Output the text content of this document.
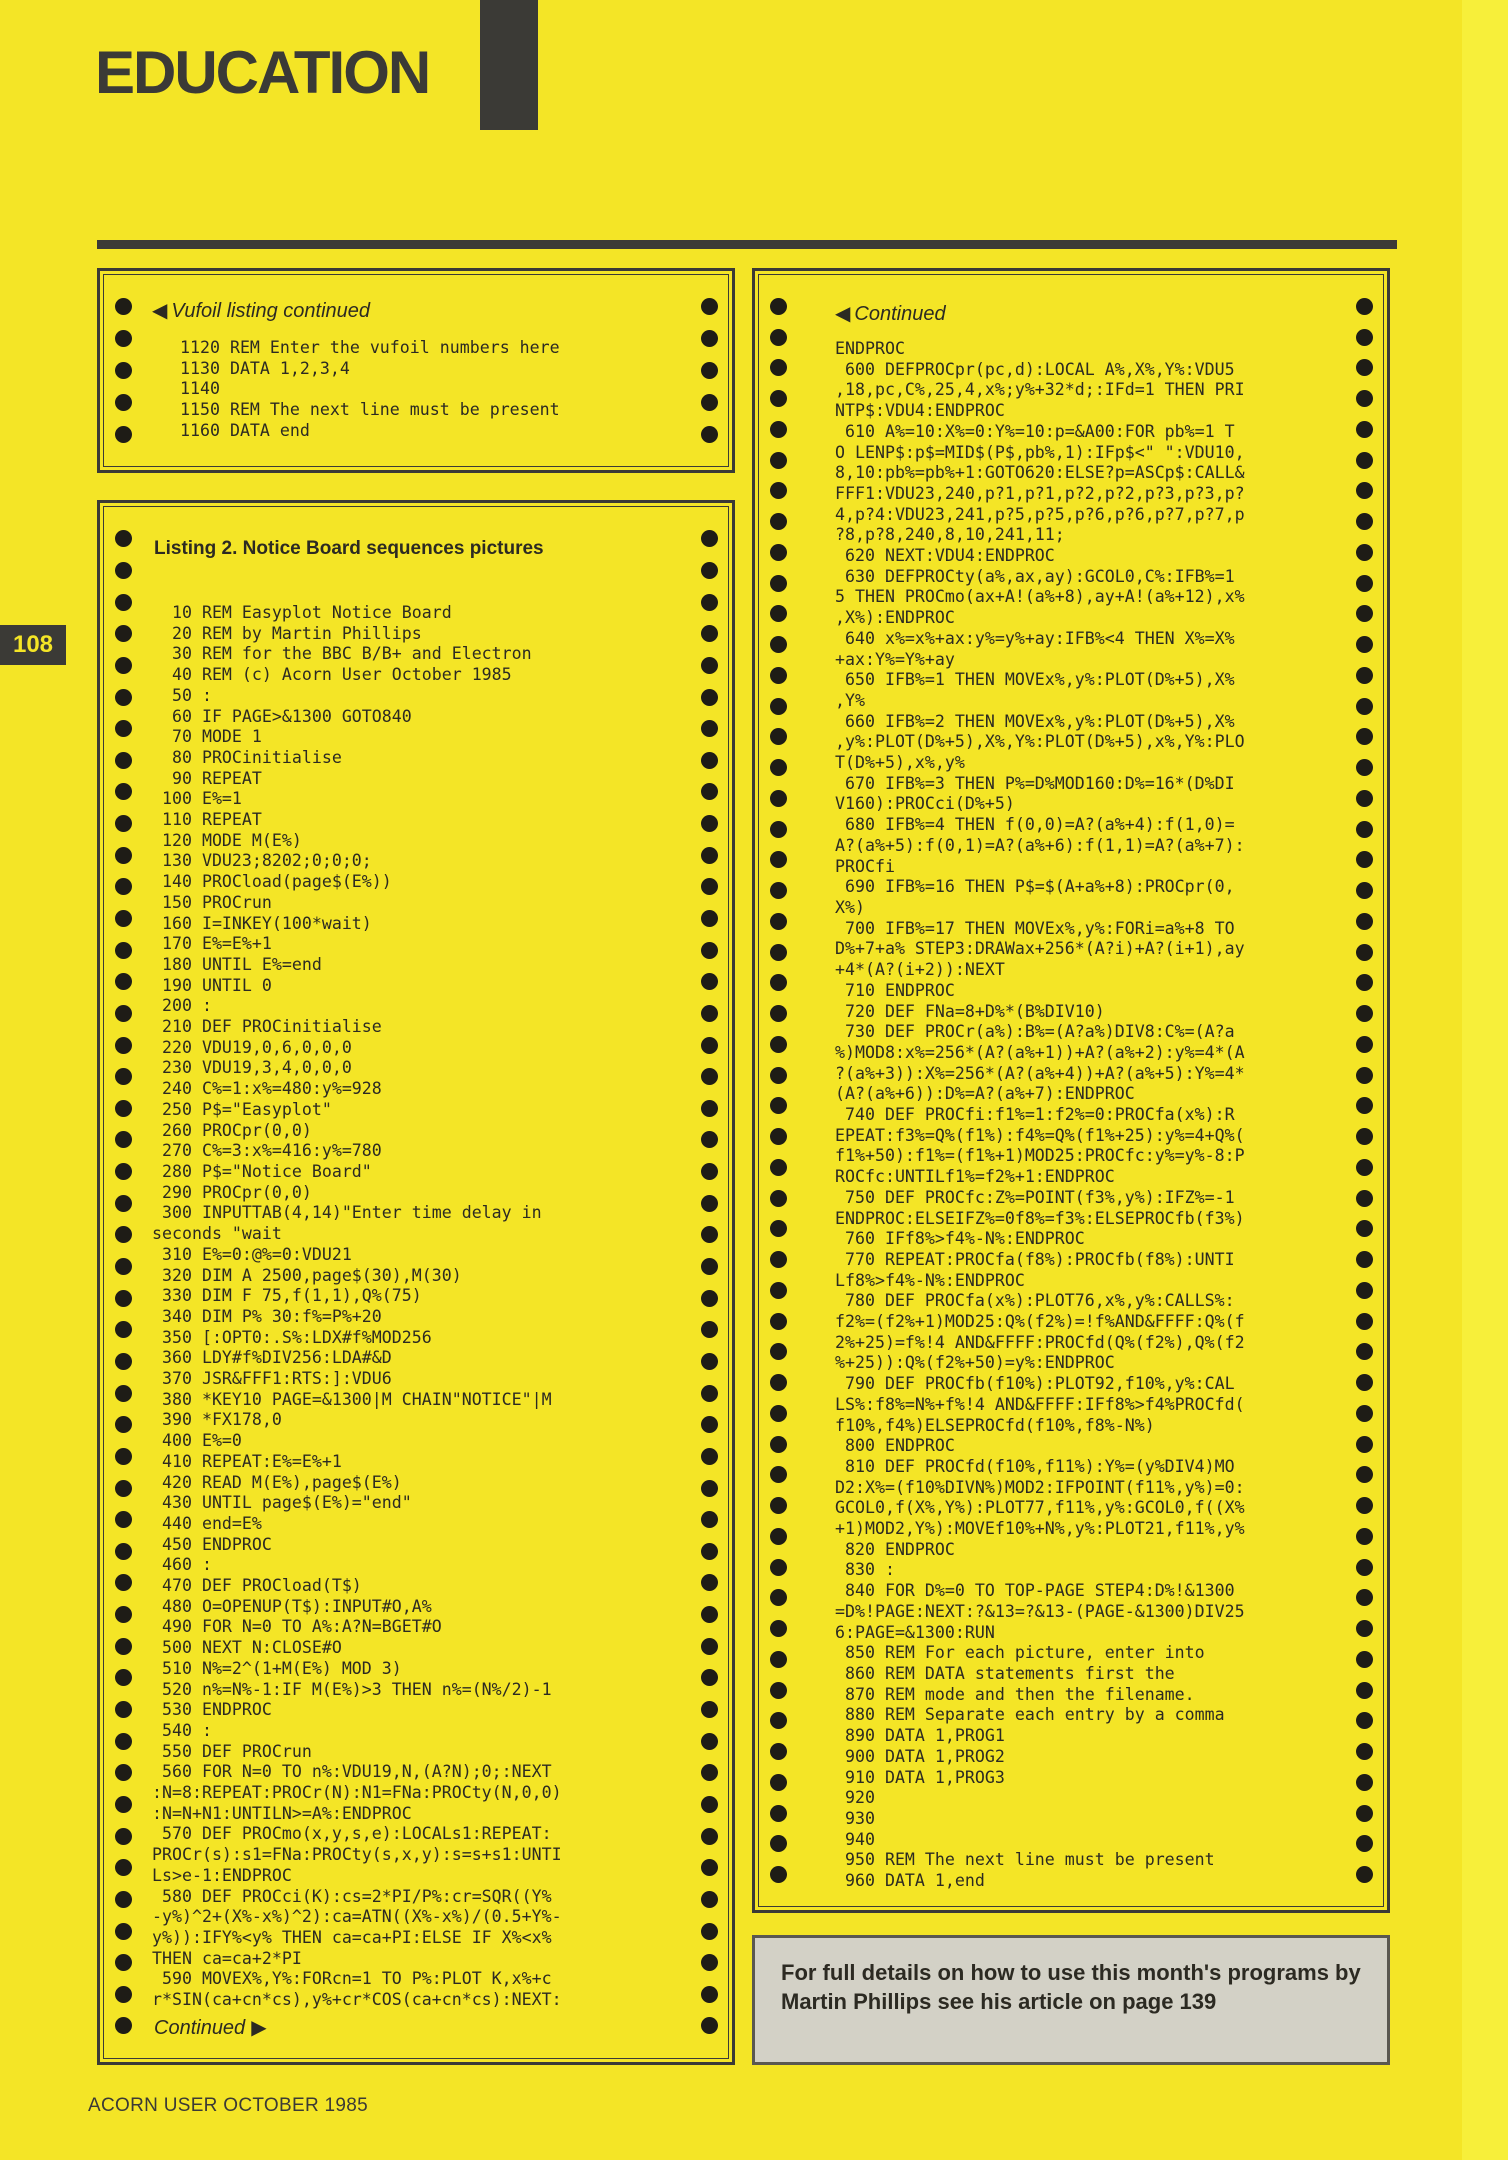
EDUCATION
108
◀ Vufoil listing continued
1120 REM Enter the vufoil numbers here
1130 DATA 1,2,3,4
1140
1150 REM The next line must be present
1160 DATA end
Listing 2. Notice Board sequences pictures
10 REM Easyplot Notice Board
20 REM by Martin Phillips
30 REM for the BBC B/B+ and Electron
40 REM (c) Acorn User October 1985
50 :
60 IF PAGE>&1300 GOTO840
70 MODE 1
80 PROCinitialise
90 REPEAT
100 E%=1
110 REPEAT
120 MODE M(E%)
130 VDU23;8202;0;0;0;
140 PROCload(page$(E%))
150 PROCrun
160 I=INKEY(100*wait)
170 E%=E%+1
180 UNTIL E%=end
190 UNTIL 0
200 :
210 DEF PROCinitialise
220 VDU19,0,6,0,0,0
230 VDU19,3,4,0,0,0
240 C%=1:x%=480:y%=928
250 P$="Easyplot"
260 PROCpr(0,0)
270 C%=3:x%=416:y%=780
280 P$="Notice Board"
290 PROCpr(0,0)
300 INPUTTAB(4,14)"Enter time delay in
seconds "wait
310 E%=0:@%=0:VDU21
320 DIM A 2500,page$(30),M(30)
330 DIM F 75,f(1,1),Q%(75)
340 DIM P% 30:f%=P%+20
350 [:OPT0:.S%:LDX#f%MOD256
360 LDY#f%DIV256:LDA#&D
370 JSR&FFF1:RTS:]:VDU6
380 *KEY10 PAGE=&1300|M CHAIN"NOTICE"|M
390 *FX178,0
400 E%=0
410 REPEAT:E%=E%+1
420 READ M(E%),page$(E%)
430 UNTIL page$(E%)="end"
440 end=E%
450 ENDPROC
460 :
470 DEF PROCload(T$)
480 O=OPENUP(T$):INPUT#O,A%
490 FOR N=0 TO A%:A?N=BGET#O
500 NEXT N:CLOSE#O
510 N%=2^(1+M(E%) MOD 3)
520 n%=N%-1:IF M(E%)>3 THEN n%=(N%/2)-1
530 ENDPROC
540 :
550 DEF PROCrun
560 FOR N=0 TO n%:VDU19,N,(A?N);0;:NEXT
:N=8:REPEAT:PROCr(N):N1=FNa:PROCty(N,0,0)
:N=N+N1:UNTILN>=A%:ENDPROC
570 DEF PROCmo(x,y,s,e):LOCALs1:REPEAT:
PROCr(s):s1=FNa:PROCty(s,x,y):s=s+s1:UNTI
Ls>e-1:ENDPROC
580 DEF PROCci(K):cs=2*PI/P%:cr=SQR((Y%
-y%)^2+(X%-x%)^2):ca=ATN((X%-x%)/(0.5+Y%-
y%)):IFY%<y% THEN ca=ca+PI:ELSE IF X%<x%
THEN ca=ca+2*PI
590 MOVEX%,Y%:FORcn=1 TO P%:PLOT K,x%+c
r*SIN(ca+cn*cs),y%+cr*COS(ca+cn*cs):NEXT:
Continued ▶
◀ Continued
ENDPROC
600 DEFPROCpr(pc,d):LOCAL A%,X%,Y%:VDU5
,18,pc,C%,25,4,x%;y%+32*d;:IFd=1 THEN PRI
NTP$:VDU4:ENDPROC
610 A%=10:X%=0:Y%=10:p=&A00:FOR pb%=1 T
O LENP$:p$=MID$(P$,pb%,1):IFp$<" ":VDU10,
8,10:pb%=pb%+1:GOTO620:ELSE?p=ASCp$:CALL&
FFF1:VDU23,240,p?1,p?1,p?2,p?2,p?3,p?3,p?
4,p?4:VDU23,241,p?5,p?5,p?6,p?6,p?7,p?7,p
?8,p?8,240,8,10,241,11;
620 NEXT:VDU4:ENDPROC
630 DEFPROCty(a%,ax,ay):GCOL0,C%:IFB%=1
5 THEN PROCmo(ax+A!(a%+8),ay+A!(a%+12),x%
,X%):ENDPROC
640 x%=x%+ax:y%=y%+ay:IFB%<4 THEN X%=X%
+ax:Y%=Y%+ay
650 IFB%=1 THEN MOVEx%,y%:PLOT(D%+5),X%
,Y%
660 IFB%=2 THEN MOVEx%,y%:PLOT(D%+5),X%
,y%:PLOT(D%+5),X%,Y%:PLOT(D%+5),x%,Y%:PLO
T(D%+5),x%,y%
670 IFB%=3 THEN P%=D%MOD160:D%=16*(D%DI
V160):PROCci(D%+5)
680 IFB%=4 THEN f(0,0)=A?(a%+4):f(1,0)=
A?(a%+5):f(0,1)=A?(a%+6):f(1,1)=A?(a%+7):
PROCfi
690 IFB%=16 THEN P$=$(A+a%+8):PROCpr(0,
X%)
700 IFB%=17 THEN MOVEx%,y%:FORi=a%+8 TO
D%+7+a% STEP3:DRAWax+256*(A?i)+A?(i+1),ay
+4*(A?(i+2)):NEXT
710 ENDPROC
720 DEF FNa=8+D%*(B%DIV10)
730 DEF PROCr(a%):B%=(A?a%)DIV8:C%=(A?a
%)MOD8:x%=256*(A?(a%+1))+A?(a%+2):y%=4*(A
?(a%+3)):X%=256*(A?(a%+4))+A?(a%+5):Y%=4*
(A?(a%+6)):D%=A?(a%+7):ENDPROC
740 DEF PROCfi:f1%=1:f2%=0:PROCfa(x%):R
EPEAT:f3%=Q%(f1%):f4%=Q%(f1%+25):y%=4+Q%(
f1%+50):f1%=(f1%+1)MOD25:PROCfc:y%=y%-8:P
ROCfc:UNTILf1%=f2%+1:ENDPROC
750 DEF PROCfc:Z%=POINT(f3%,y%):IFZ%=-1
ENDPROC:ELSEIFZ%=0f8%=f3%:ELSEPROCfb(f3%)
760 IFf8%>f4%-N%:ENDPROC
770 REPEAT:PROCfa(f8%):PROCfb(f8%):UNTI
Lf8%>f4%-N%:ENDPROC
780 DEF PROCfa(x%):PLOT76,x%,y%:CALLS%:
f2%=(f2%+1)MOD25:Q%(f2%)=!f%AND&FFFF:Q%(f
2%+25)=f%!4 AND&FFFF:PROCfd(Q%(f2%),Q%(f2
%+25)):Q%(f2%+50)=y%:ENDPROC
790 DEF PROCfb(f10%):PLOT92,f10%,y%:CAL
LS%:f8%=N%+f%!4 AND&FFFF:IFf8%>f4%PROCfd(
f10%,f4%)ELSEPROCfd(f10%,f8%-N%)
800 ENDPROC
810 DEF PROCfd(f10%,f11%):Y%=(y%DIV4)MO
D2:X%=(f10%DIVN%)MOD2:IFPOINT(f11%,y%)=0:
GCOL0,f(X%,Y%):PLOT77,f11%,y%:GCOL0,f((X%
+1)MOD2,Y%):MOVEf10%+N%,y%:PLOT21,f11%,y%
820 ENDPROC
830 :
840 FOR D%=0 TO TOP-PAGE STEP4:D%!&1300
=D%!PAGE:NEXT:?&13=?&13-(PAGE-&1300)DIV25
6:PAGE=&1300:RUN
850 REM For each picture, enter into
860 REM DATA statements first the
870 REM mode and then the filename.
880 REM Separate each entry by a comma
890 DATA 1,PROG1
900 DATA 1,PROG2
910 DATA 1,PROG3
920
930
940
950 REM The next line must be present
960 DATA 1,end
For full details on how to use this month's programs by Martin Phillips see his article on page 139
ACORN USER OCTOBER 1985
